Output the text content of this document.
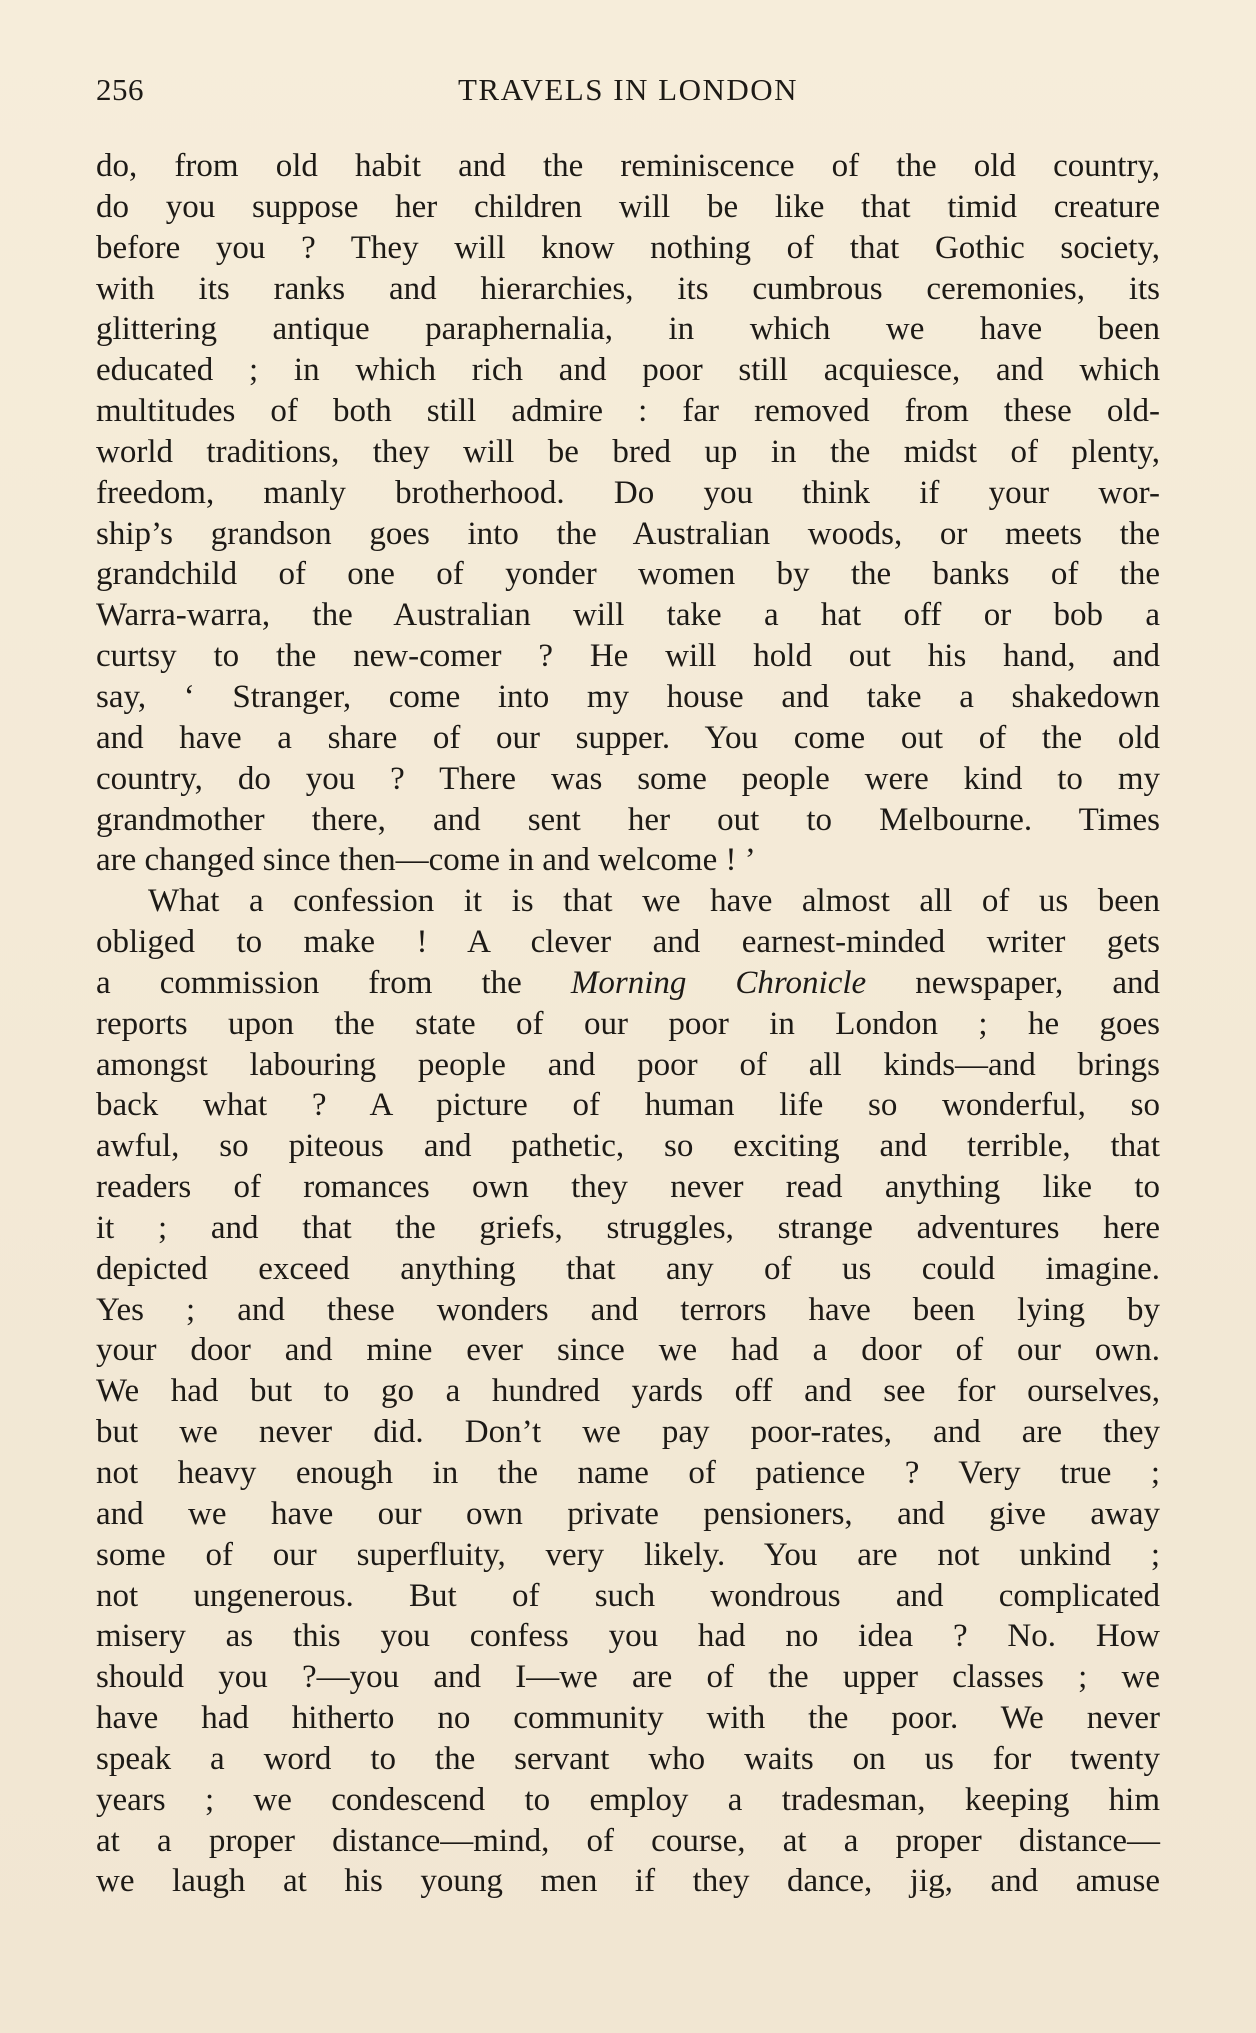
256	TRAVELS IN LONDON
do, from old habit and the reminiscence of the old country,
do you suppose her children will be like that timid creature
before you ? They will know nothing of that Gothic society,
with its ranks and hierarchies, its cumbrous ceremonies, its
glittering antique paraphernalia, in which we have been
educated ; in which rich and poor still acquiesce, and which
multitudes of both still admire : far removed from these old-
world traditions, they will be bred up in the midst of plenty,
freedom, manly brotherhood. Do you think if your wor-
ship’s grandson goes into the Australian woods, or meets the
grandchild of one of yonder women by the banks of the
Warra-warra, the Australian will take a hat off or bob a
curtsy to the new-comer ? He will hold out his hand, and
say, ‘ Stranger, come into my house and take a shakedown
and have a share of our supper. You come out of the old
country, do you ? There was some people were kind to my
grandmother there, and sent her out to Melbourne. Times
are changed since then—come in and welcome ! ’
What a confession it is that we have almost all of us been
obliged to make ! A clever and earnest-minded writer gets
a commission from the Morning Chronicle newspaper, and
reports upon the state of our poor in London ; he goes
amongst labouring people and poor of all kinds—and brings
back what ? A picture of human life so wonderful, so
awful, so piteous and pathetic, so exciting and terrible, that
readers of romances own they never read anything like to
it ; and that the griefs, struggles, strange adventures here
depicted exceed anything that any of us could imagine.
Yes ; and these wonders and terrors have been lying by
your door and mine ever since we had a door of our own.
We had but to go a hundred yards off and see for ourselves,
but we never did. Don’t we pay poor-rates, and are they
not heavy enough in the name of patience ? Very true ;
and we have our own private pensioners, and give away
some of our superfluity, very likely. You are not unkind ;
not ungenerous. But of such wondrous and complicated
misery as this you confess you had no idea ? No. How
should you ?—you and I—we are of the upper classes ; we
have had hitherto no community with the poor. We never
speak a word to the servant who waits on us for twenty
years ; we condescend to employ a tradesman, keeping him
at a proper distance—mind, of course, at a proper distance—
we laugh at his young men if they dance, jig, and amuse
